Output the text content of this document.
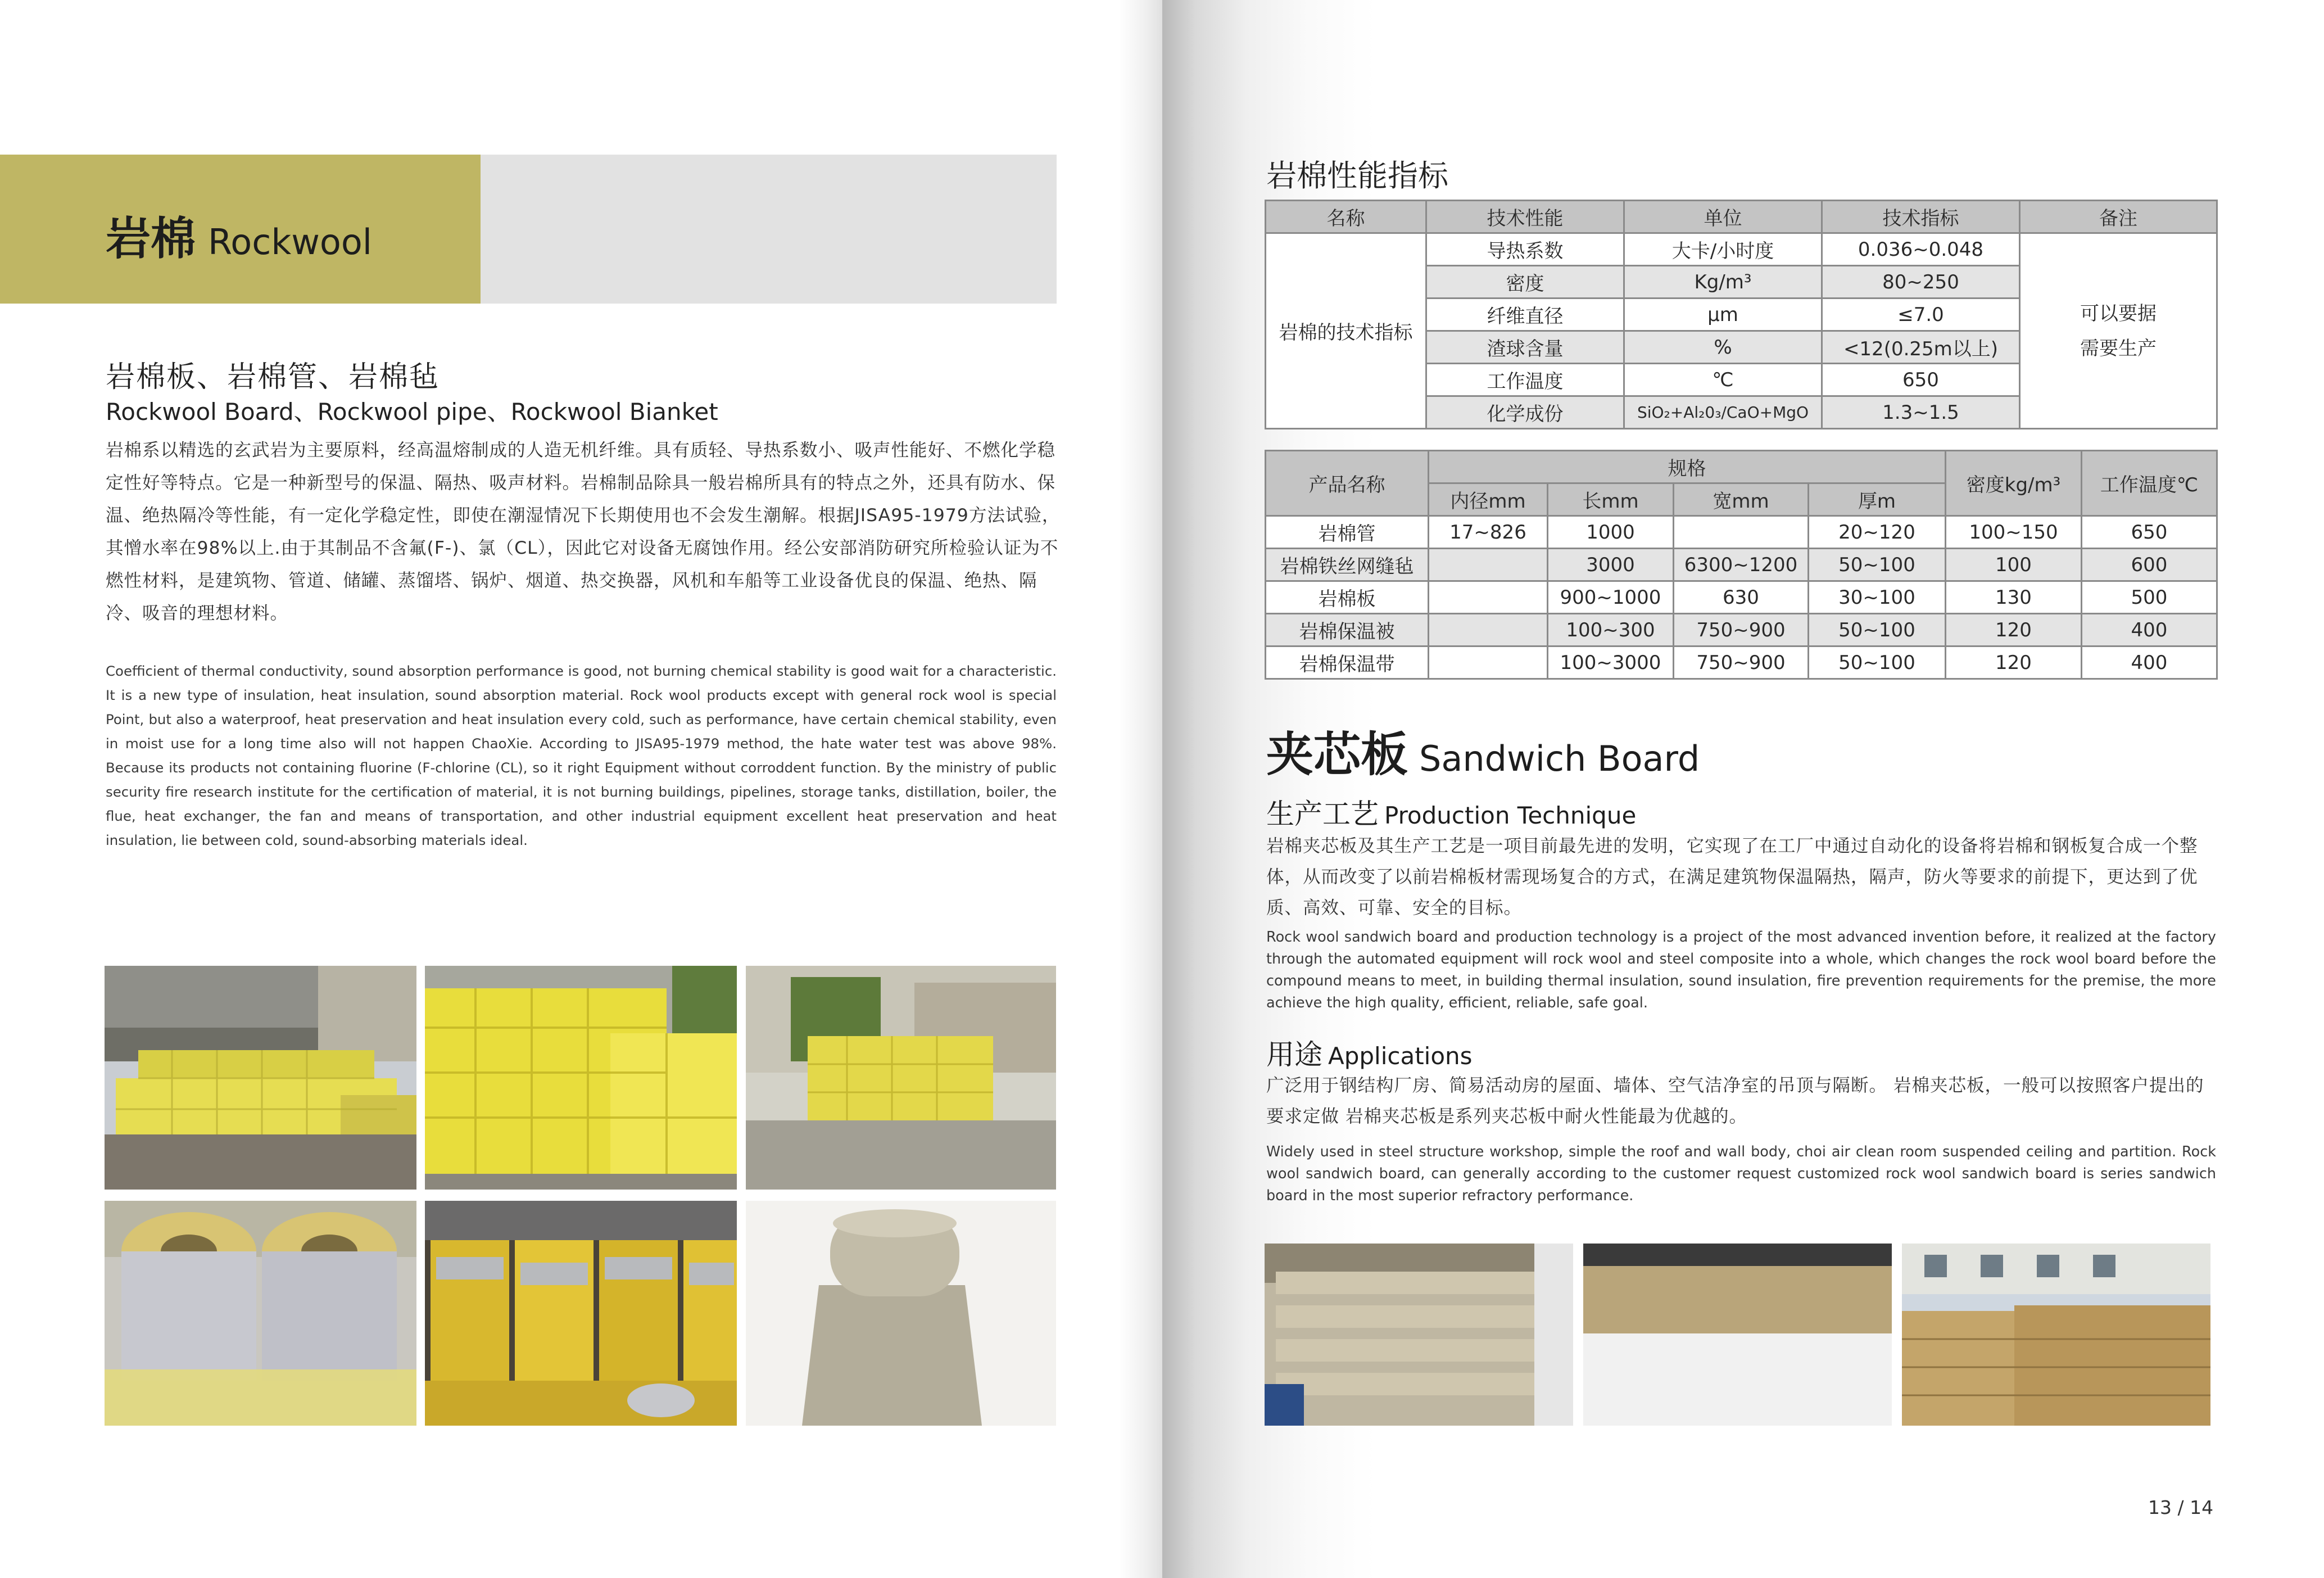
岩棉 Rockwool
岩棉板、岩棉管、岩棉毡
Rockwool Board、Rockwool pipe、Rockwool Bianket
岩棉系以精选的玄武岩为主要原料，经高温熔制成的人造无机纤维。具有质轻、导热系数小、吸声性能好、不燃化学稳定性好等特点。它是一种新型号的保温、隔热、吸声材料。岩棉制品除具一般岩棉所具有的特点之外，还具有防水、保温、绝热隔冷等性能，有一定化学稳定性，即使在潮湿情况下长期使用也不会发生潮解。根据JISA95-1979方法试验，其憎水率在98%以上.由于其制品不含氟(F-)、氯（CL），因此它对设备无腐蚀作用。经公安部消防研究所检验认证为不燃性材料，是建筑物、管道、储罐、蒸馏塔、锅炉、烟道、热交换器，风机和车船等工业设备优良的保温、绝热、隔冷、吸音的理想材料。
Coefficient of thermal conductivity, sound absorption performance is good, not burning chemical stability is good wait for a characteristic. It is a new type of insulation, heat insulation, sound absorption material. Rock wool products except with general rock wool is special Point, but also a waterproof, heat preservation and heat insulation every cold, such as performance, have certain chemical stability, even in moist use for a long time also will not happen ChaoXie. According to JISA95-1979 method, the hate water test was above 98%. Because its products not containing fluorine (F-chlorine (CL), so it right Equipment without corroddent function. By the ministry of public security fire research institute for the certification of material, it is not burning buildings, pipelines, storage tanks, distillation, boiler, the flue, heat exchanger, the fan and means of transportation, and other industrial equipment excellent heat preservation and heat insulation, lie between cold, sound-absorbing materials ideal.
岩棉性能指标
名称	技术性能	单位	技术指标	备注
岩棉的技术指标	导热系数	大卡/小时度	0.036~0.048	可以要据
需要生产

	密度	Kg/m³	80~250	
	纤维直径	μm	≤7.0	
	渣球含量	%	<12(0.25m以上)	
	工作温度	℃	650	
	化学成份	SiO₂+Al₂0₃/CaO+MgO	1.3~1.5	
产品名称	规格				密度kg/m³	工作温度℃
	内径mm	长mm	宽mm	厚m		
岩棉管	17~826	1000		20~120	100~150	650
岩棉铁丝网缝毡		3000	6300~1200	50~100	100	600
岩棉板		900~1000	630	30~100	130	500
岩棉保温被		100~300	750~900	50~100	120	400
岩棉保温带		100~3000	750~900	50~100	120	400
夹芯板 Sandwich Board
生产工艺 Production Technique
岩棉夹芯板及其生产工艺是一项目前最先进的发明，它实现了在工厂中通过自动化的设备将岩棉和钢板复合成一个整体，从而改变了以前岩棉板材需现场复合的方式，在满足建筑物保温隔热，隔声，防火等要求的前提下，更达到了优质、高效、可靠、安全的目标。
Rock wool sandwich board and production technology is a project of the most advanced invention before, it realized at the factory through the automated equipment will rock wool and steel composite into a whole, which changes the rock wool board before the compound means to meet, in building thermal insulation, sound insulation, fire prevention requirements for the premise, the more achieve the high quality, efficient, reliable, safe goal.
用途 Applications
广泛用于钢结构厂房、简易活动房的屋面、墙体、空气洁净室的吊顶与隔断。 岩棉夹芯板，一般可以按照客户提出的要求定做 岩棉夹芯板是系列夹芯板中耐火性能最为优越的。
Widely used in steel structure workshop, simple the roof and wall body, choi air clean room suspended ceiling and partition. Rock wool sandwich board, can generally according to the customer request customized rock wool sandwich board is series sandwich board in the most superior refractory performance.
13 / 14
